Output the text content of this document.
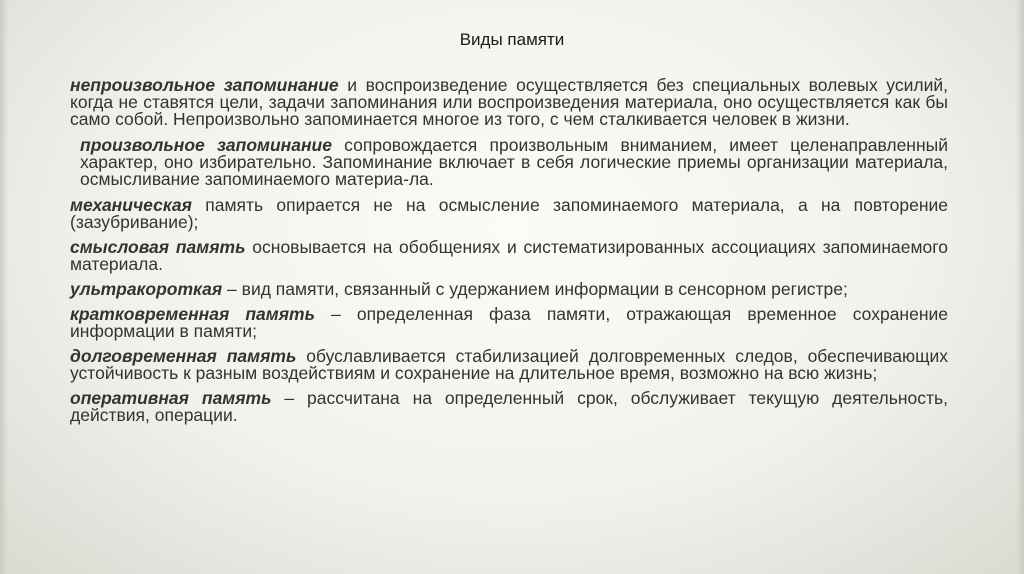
Виды памяти

непроизвольное запоминание и воспроизведение осуществляется без специальных волевых усилий, когда не ставятся цели, задачи запоминания или воспроизведения материала, оно осуществляется как бы само собой. Непроизвольно запоминается многое из того, с чем сталкивается человек в жизни.

произвольное запоминание сопровождается произвольным вниманием, имеет целенаправленный характер, оно избирательно. Запоминание включает в себя логические приемы организации материала, осмысливание запоминаемого материа-ла.

механическая память опирается не на осмысление запоминаемого материала, а на повторение (зазубривание);

смысловая память основывается на обобщениях и систематизированных ассоциациях запоминаемого материала.

ультракороткая – вид памяти, связанный с удержанием информации в сенсорном регистре;

кратковременная память – определенная фаза памяти, отражающая временное сохранение информации в памяти;

долговременная память обуславливается стабилизацией долговременных следов, обеспечивающих устойчивость к разным воздействиям и сохранение на длительное время, возможно на всю жизнь;

оперативная память – рассчитана на определенный срок, обслуживает текущую деятельность, действия, операции.
